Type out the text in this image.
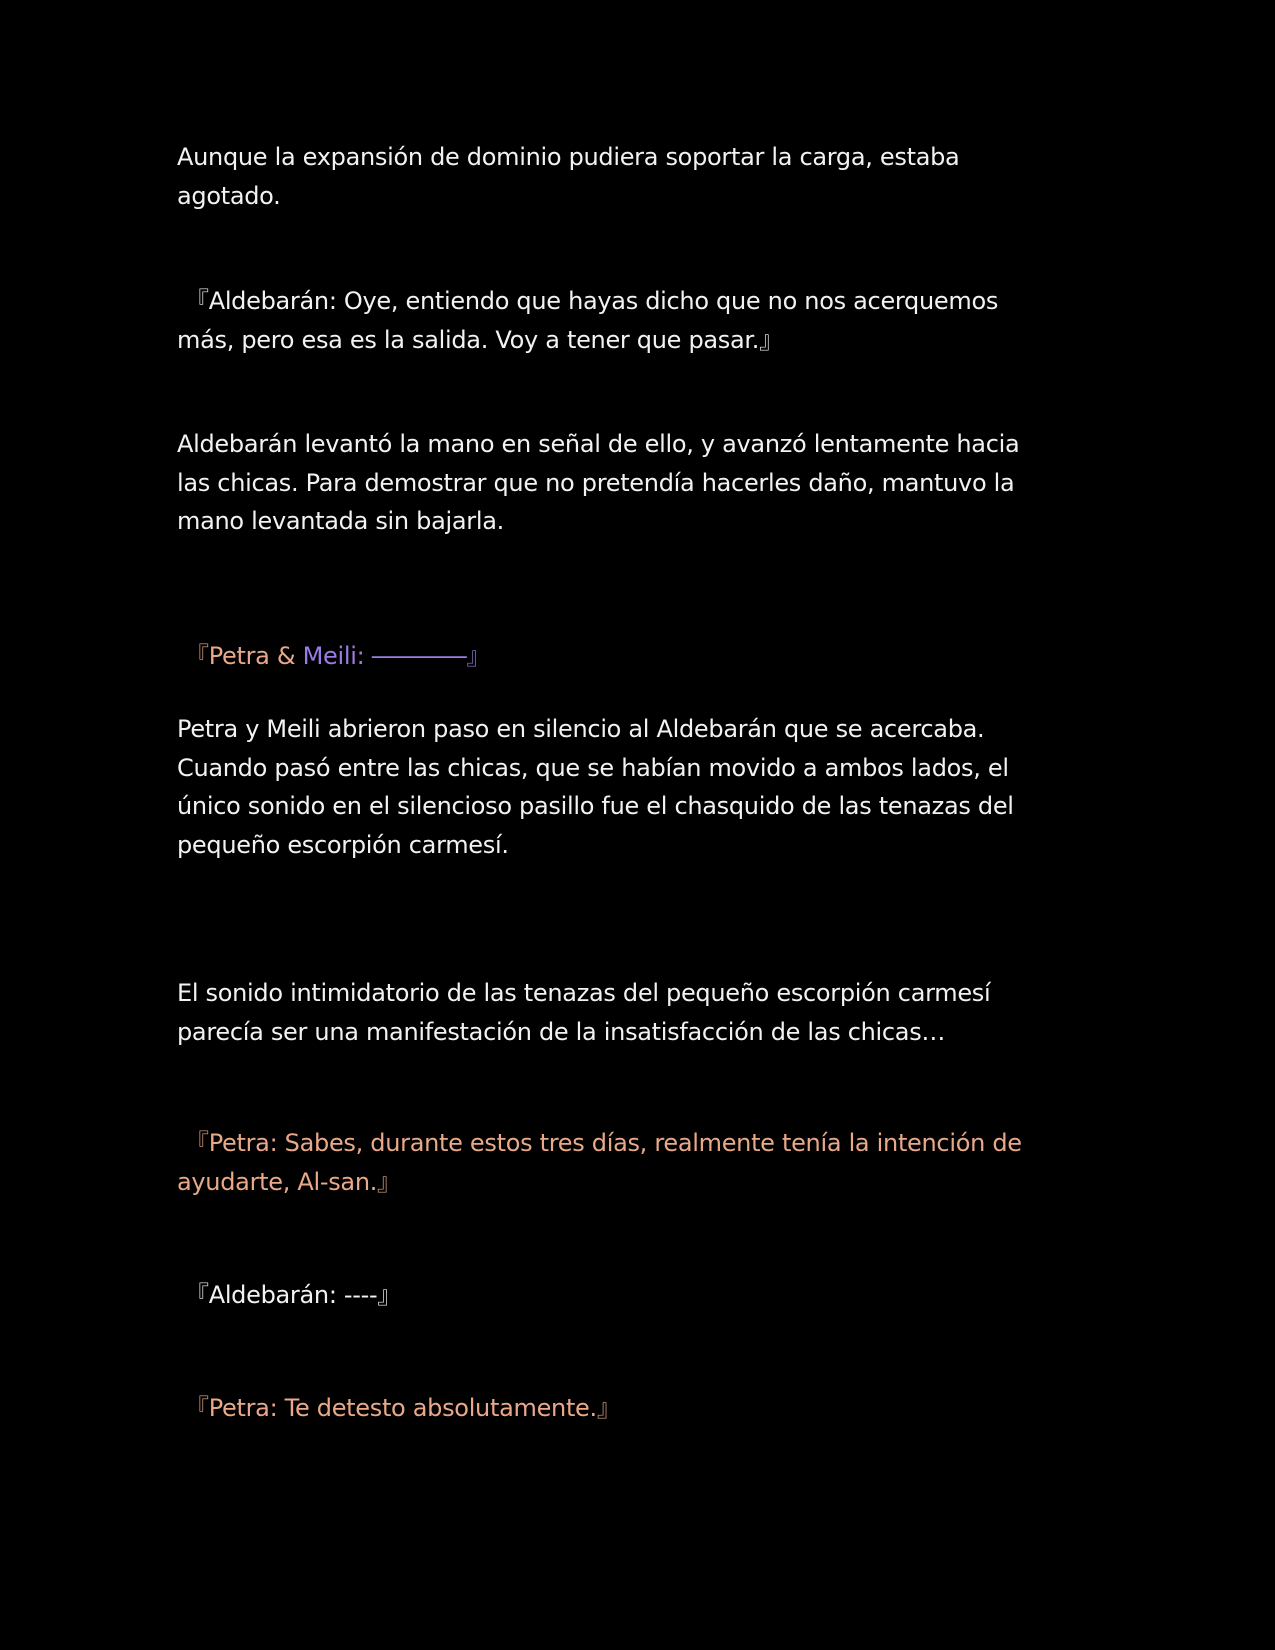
Aunque la expansión de dominio pudiera soportar la carga, estaba
agotado.

『Aldebarán: Oye, entiendo que hayas dicho que no nos acerquemos
más, pero esa es la salida. Voy a tener que pasar.』

Aldebarán levantó la mano en señal de ello, y avanzó lentamente hacia
las chicas. Para demostrar que no pretendía hacerles daño, mantuvo la
mano levantada sin bajarla.

『Petra & Meili: ――――』

Petra y Meili abrieron paso en silencio al Aldebarán que se acercaba.
Cuando pasó entre las chicas, que se habían movido a ambos lados, el
único sonido en el silencioso pasillo fue el chasquido de las tenazas del
pequeño escorpión carmesí.

El sonido intimidatorio de las tenazas del pequeño escorpión carmesí
parecía ser una manifestación de la insatisfacción de las chicas…

『Petra: Sabes, durante estos tres días, realmente tenía la intención de
ayudarte, Al-san.』

『Aldebarán: ----』

『Petra: Te detesto absolutamente.』
